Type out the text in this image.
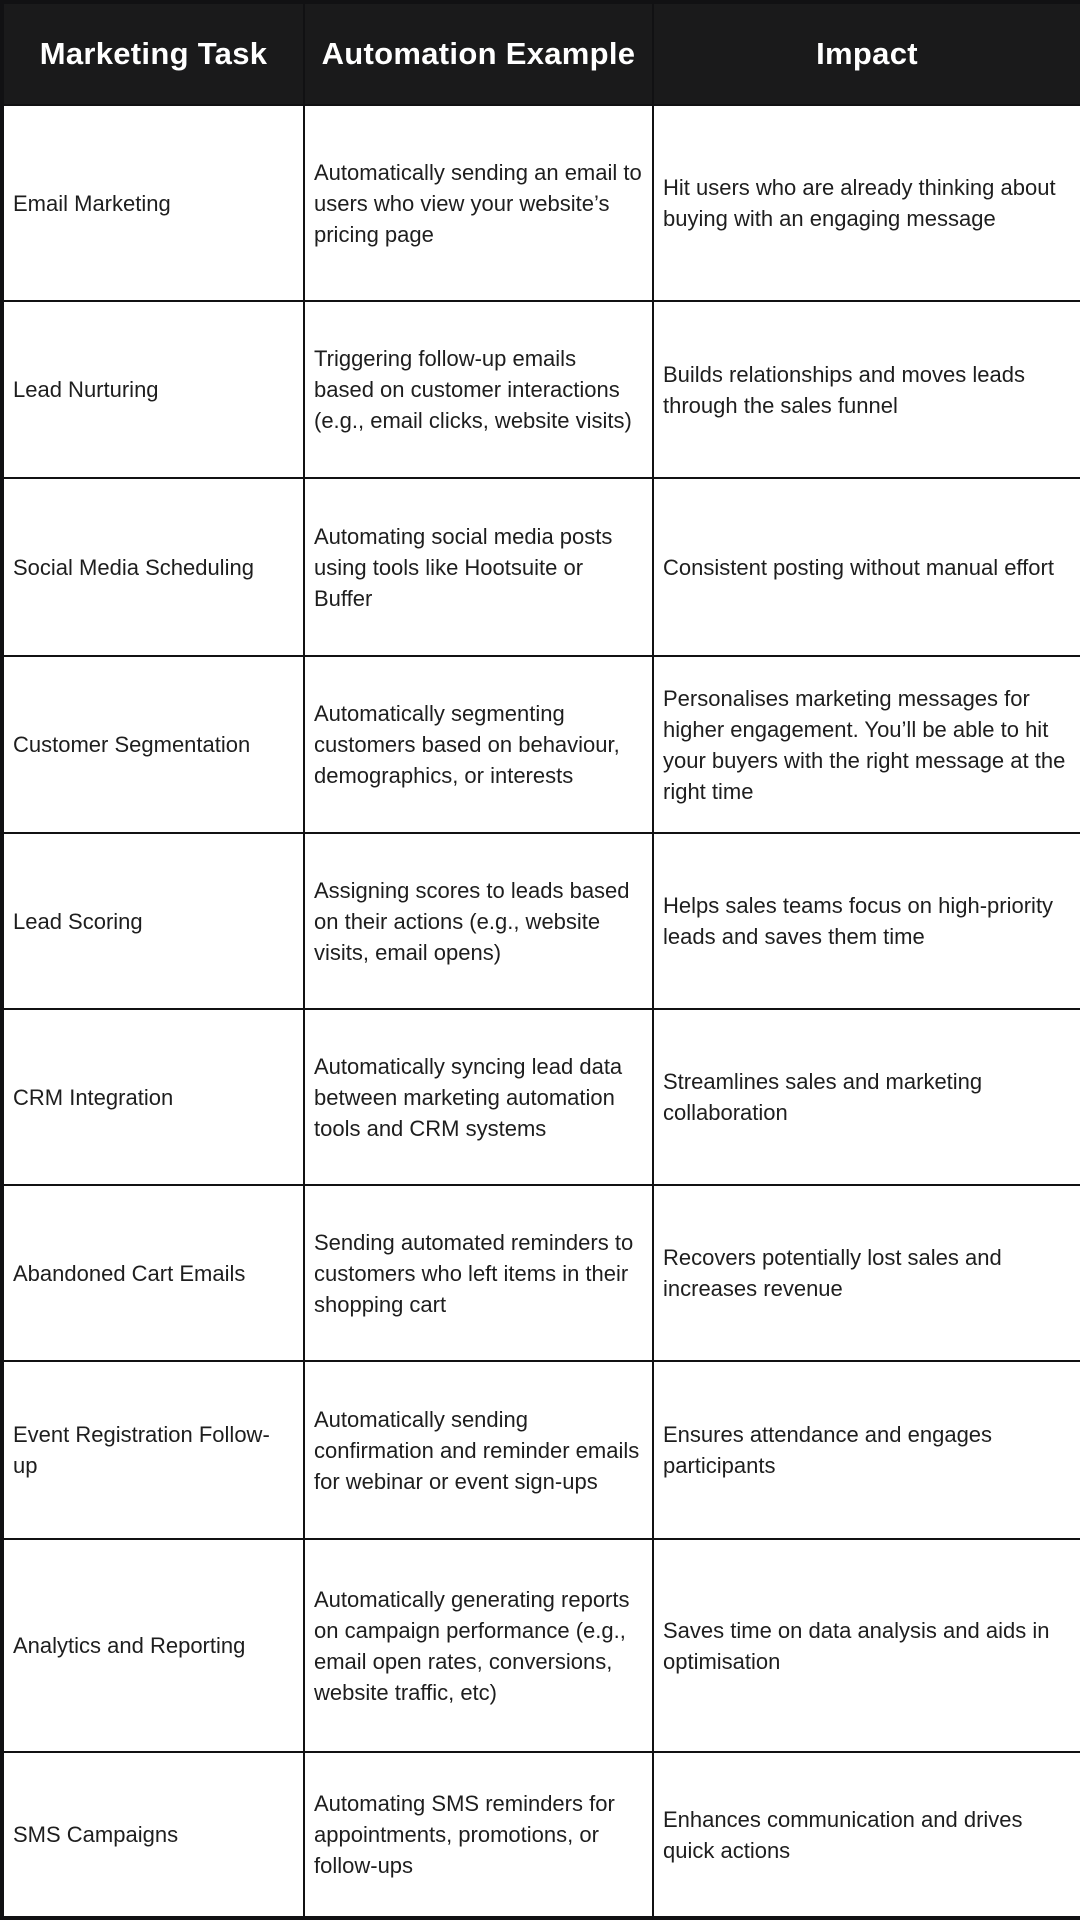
Marketing Task	Automation Example	Impact
Email Marketing	Automatically sending an email to users who view your website’s pricing page	Hit users who are already thinking about buying with an engaging message
Lead Nurturing	Triggering follow-up emails based on customer interactions (e.g., email clicks, website visits)	Builds relationships and moves leads through the sales funnel
Social Media Scheduling	Automating social media posts using tools like Hootsuite or Buffer	Consistent posting without manual effort
Customer Segmentation	Automatically segmenting customers based on behaviour, demographics, or interests	Personalises marketing messages for higher engagement. You’ll be able to hit your buyers with the right message at the right time
Lead Scoring	Assigning scores to leads based on their actions (e.g., website visits, email opens)	Helps sales teams focus on high-priority leads and saves them time
CRM Integration	Automatically syncing lead data between marketing automation tools and CRM systems	Streamlines sales and marketing collaboration
Abandoned Cart Emails	Sending automated reminders to customers who left items in their shopping cart	Recovers potentially lost sales and increases revenue
Event Registration Follow-up	Automatically sending confirmation and reminder emails for webinar or event sign-ups	Ensures attendance and engages participants
Analytics and Reporting	Automatically generating reports on campaign performance (e.g., email open rates, conversions, website traffic, etc)	Saves time on data analysis and aids in optimisation
SMS Campaigns	Automating SMS reminders for appointments, promotions, or follow-ups	Enhances communication and drives quick actions
